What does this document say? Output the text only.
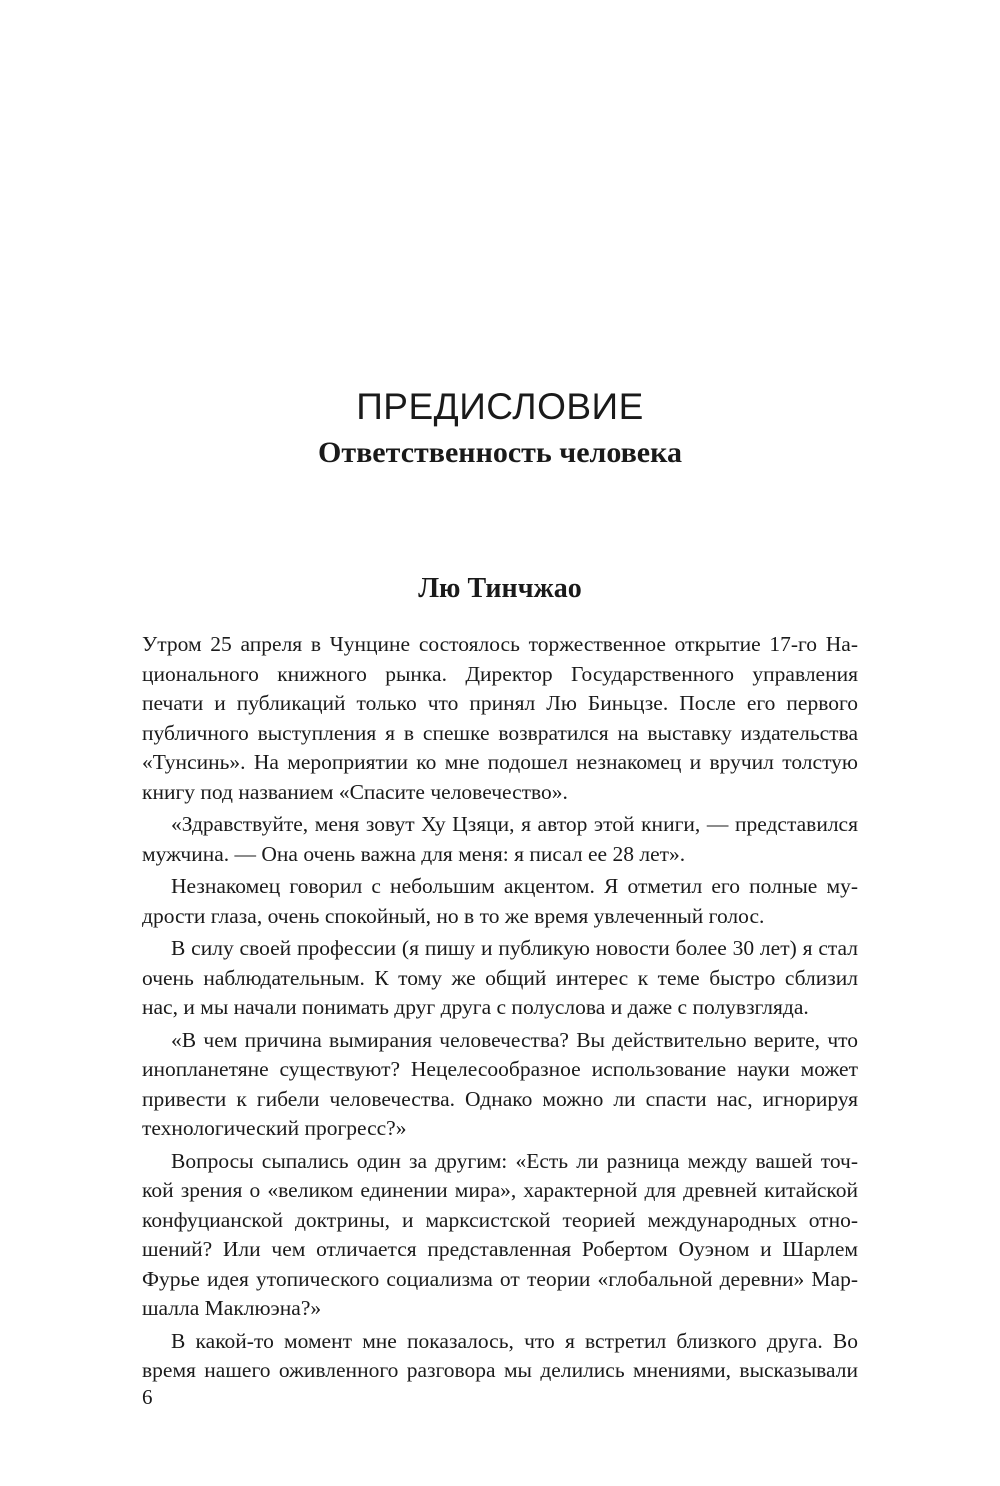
ПРЕДИСЛОВИЕ
Ответственность человека
Лю Тинчжао

Утром 25 апреля в Чунцине состоялось торжественное открытие 17-го На-
ционального книжного рынка. Директор Государственного управления
печати и публикаций только что принял Лю Биньцзе. После его первого
публичного выступления я в спешке возвратился на выставку издательства
«Тунсинь». На мероприятии ко мне подошел незнакомец и вручил толстую
книгу под названием «Спасите человечество».

«Здравствуйте, меня зовут Ху Цзяци, я автор этой книги, — представился
мужчина. — Она очень важна для меня: я писал ее 28 лет».

Незнакомец говорил с небольшим акцентом. Я отметил его полные му-
дрости глаза, очень спокойный, но в то же время увлеченный голос.

В силу своей профессии (я пишу и публикую новости более 30 лет) я стал
очень наблюдательным. К тому же общий интерес к теме быстро сблизил
нас, и мы начали понимать друг друга с полуслова и даже с полувзгляда.

«В чем причина вымирания человечества? Вы действительно верите, что
инопланетяне существуют? Нецелесообразное использование науки может
привести к гибели человечества. Однако можно ли спасти нас, игнорируя
технологический прогресс?»

Вопросы сыпались один за другим: «Есть ли разница между вашей точ-
кой зрения о «великом единении мира», характерной для древней китайской
конфуцианской доктрины, и марксистской теорией международных отно-
шений? Или чем отличается представленная Робертом Оуэном и Шарлем
Фурье идея утопического социализма от теории «глобальной деревни» Мар-
шалла Маклюэна?»

В какой-то момент мне показалось, что я встретил близкого друга. Во
время нашего оживленного разговора мы делились мнениями, высказывали

6
